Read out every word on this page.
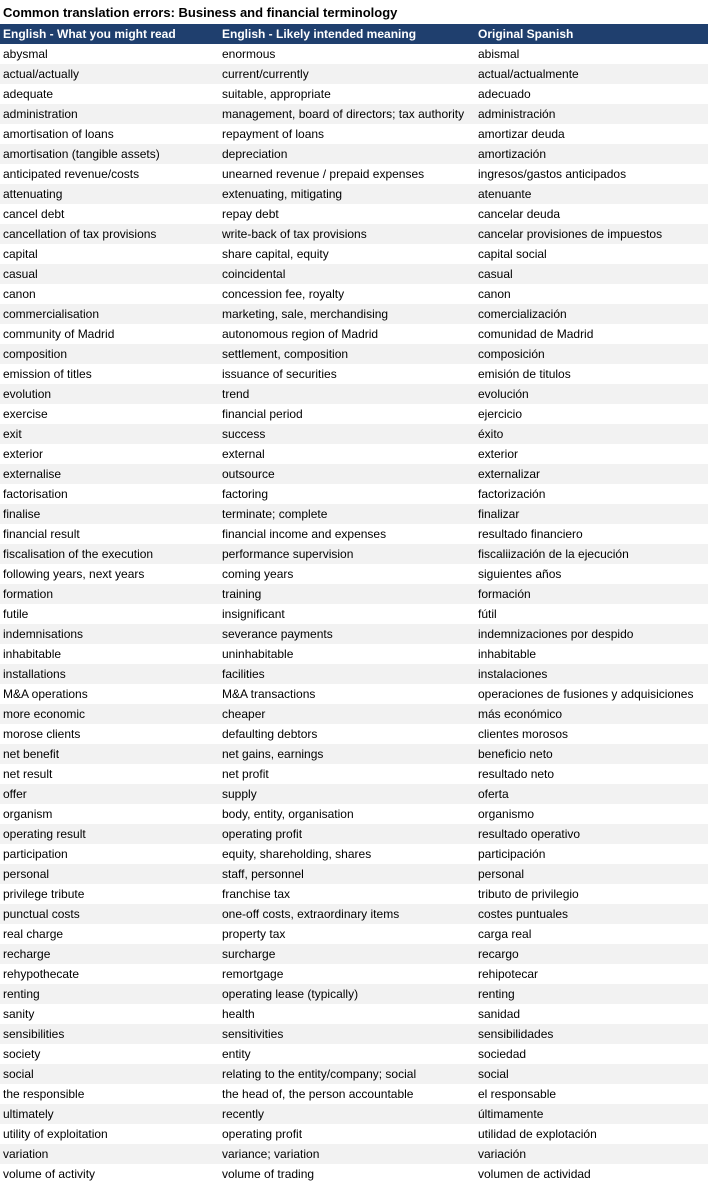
Common translation errors: Business and financial terminology
English - What you might read	English - Likely intended meaning	Original Spanish
abysmal	enormous	abismal
actual/actually	current/currently	actual/actualmente
adequate	suitable, appropriate	adecuado
administration	management, board of directors; tax authority	administración
amortisation of loans	repayment of loans	amortizar deuda
amortisation (tangible assets)	depreciation	amortización
anticipated revenue/costs	unearned revenue / prepaid expenses	ingresos/gastos anticipados
attenuating	extenuating, mitigating	atenuante
cancel debt	repay debt	cancelar deuda
cancellation of tax provisions	write-back of tax provisions	cancelar provisiones de impuestos
capital	share capital, equity	capital social
casual	coincidental	casual
canon	concession fee, royalty	canon
commercialisation	marketing, sale, merchandising	comercialización
community of Madrid	autonomous region of Madrid	comunidad de Madrid
composition	settlement, composition	composición
emission of titles	issuance of securities	emisión de titulos
evolution	trend	evolución
exercise	financial period	ejercicio
exit	success	éxito
exterior	external	exterior
externalise	outsource	externalizar
factorisation	factoring	factorización
finalise	terminate; complete	finalizar
financial result	financial income and expenses	resultado financiero
fiscalisation of the execution	performance supervision	fiscaliización de la ejecución
following years, next years	coming years	siguientes años
formation	training	formación
futile	insignificant	fútil
indemnisations	severance payments	indemnizaciones por despido
inhabitable	uninhabitable	inhabitable
installations	facilities	instalaciones
M&A operations	M&A transactions	operaciones de fusiones y adquisiciones
more economic	cheaper	más económico
morose clients	defaulting debtors	clientes morosos
net benefit	net gains, earnings	beneficio neto
net result	net profit	resultado neto
offer	supply	oferta
organism	body, entity, organisation	organismo
operating result	operating profit	resultado operativo
participation	equity, shareholding, shares	participación
personal	staff, personnel	personal
privilege tribute	franchise tax	tributo de privilegio
punctual costs	one-off costs, extraordinary items	costes puntuales
real charge	property tax	carga real
recharge	surcharge	recargo
rehypothecate	remortgage	rehipotecar
renting	operating lease (typically)	renting
sanity	health	sanidad
sensibilities	sensitivities	sensibilidades
society	entity	sociedad
social	relating to the entity/company; social	social
the responsible	the head of, the person accountable	el responsable
ultimately	recently	últimamente
utility of exploitation	operating profit	utilidad de explotación
variation	variance; variation	variación
volume of activity	volume of trading	volumen de actividad
